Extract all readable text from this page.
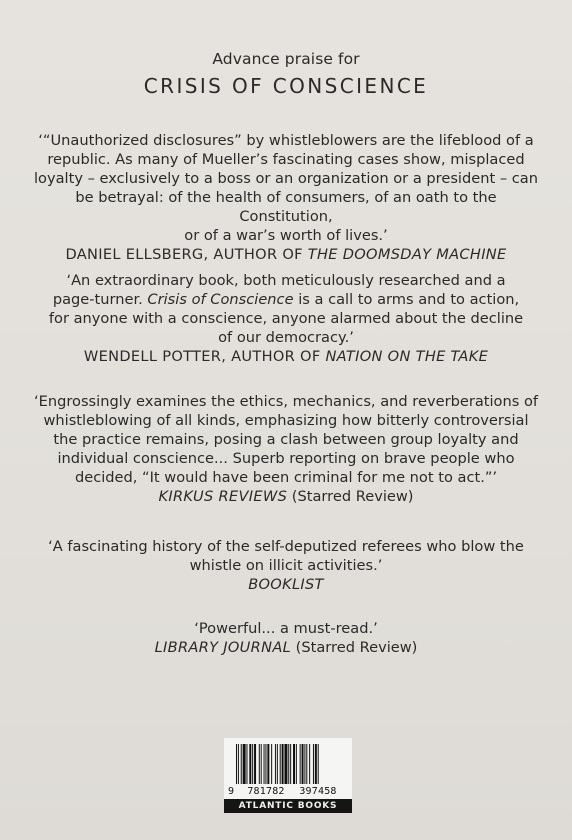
Advance praise for
CRISIS OF CONSCIENCE

‘“Unauthorized disclosures” by whistleblowers are the lifeblood of a

republic. As many of Mueller’s fascinating cases show, misplaced

loyalty – exclusively to a boss or an organization or a president – can

be betrayal: of the health of consumers, of an oath to the Constitution,

or of a war’s worth of lives.’

DANIEL ELLSBERG, AUTHOR OF THE DOOMSDAY MACHINE

‘An extraordinary book, both meticulously researched and a

page-turner. Crisis of Conscience is a call to arms and to action,

for anyone with a conscience, anyone alarmed about the decline

of our democracy.’

WENDELL POTTER, AUTHOR OF NATION ON THE TAKE

‘Engrossingly examines the ethics, mechanics, and reverberations of

whistleblowing of all kinds, emphasizing how bitterly controversial

the practice remains, posing a clash between group loyalty and

individual conscience... Superb reporting on brave people who

decided, “It would have been criminal for me not to act.”’

KIRKUS REVIEWS (Starred Review)

‘A fascinating history of the self-deputized referees who blow the

whistle on illicit activities.’

BOOKLIST

‘Powerful... a must-read.’

LIBRARY JOURNAL (Starred Review)

9 781782 397458
ATLANTIC BOOKS
